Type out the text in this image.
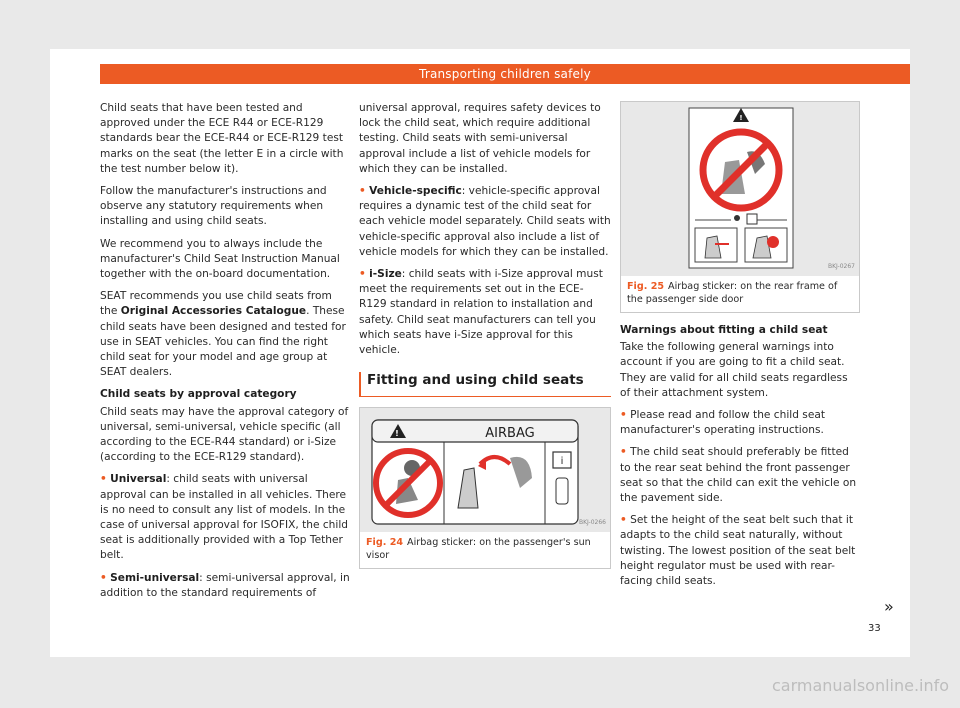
Transporting children safely

Child seats that have been tested and approved under the ECE R44 or ECE-R129 standards bear the ECE-R44 or ECE-R129 test marks on the seat (the letter E in a circle with the test number below it).

Follow the manufacturer's instructions and observe any statutory requirements when installing and using child seats.

We recommend you to always include the manufacturer's Child Seat Instruction Manual together with the on-board documentation.

SEAT recommends you use child seats from the Original Accessories Catalogue. These child seats have been designed and tested for use in SEAT vehicles. You can find the right child seat for your model and age group at SEAT dealers.

Child seats by approval category

Child seats may have the approval category of universal, semi-universal, vehicle specific (all according to the ECE-R44 standard) or i-Size (according to the ECE-R129 standard).

• Universal: child seats with universal approval can be installed in all vehicles. There is no need to consult any list of models. In the case of universal approval for ISOFIX, the child seat is additionally provided with a Top Tether belt.

• Semi-universal: semi-universal approval, in addition to the standard requirements of

universal approval, requires safety devices to lock the child seat, which require additional testing. Child seats with semi-universal approval include a list of vehicle models for which they can be installed.

• Vehicle-specific: vehicle-specific approval requires a dynamic test of the child seat for each vehicle model separately. Child seats with vehicle-specific approval also include a list of vehicle models for which they can be installed.

• i-Size: child seats with i-Size approval must meet the requirements set out in the ECE-R129 standard in relation to installation and safety. Child seat manufacturers can tell you which seats have i-Size approval for this vehicle.

Fitting and using child seats
!	AIRBAG
i
BKJ-0266
Fig. 24 Airbag sticker: on the passenger's sun visor
!
BKJ-0267
Fig. 25 Airbag sticker: on the rear frame of the passenger side door
Warnings about fitting a child seat

Take the following general warnings into account if you are going to fit a child seat. They are valid for all child seats regardless of their attachment system.

• Please read and follow the child seat manufacturer's operating instructions.

• The child seat should preferably be fitted to the rear seat behind the front passenger seat so that the child can exit the vehicle on the pavement side.

• Set the height of the seat belt such that it adapts to the child seat naturally, without twisting. The lowest position of the seat belt height regulator must be used with rear-facing child seats.

»
33
carmanualsonline.info
